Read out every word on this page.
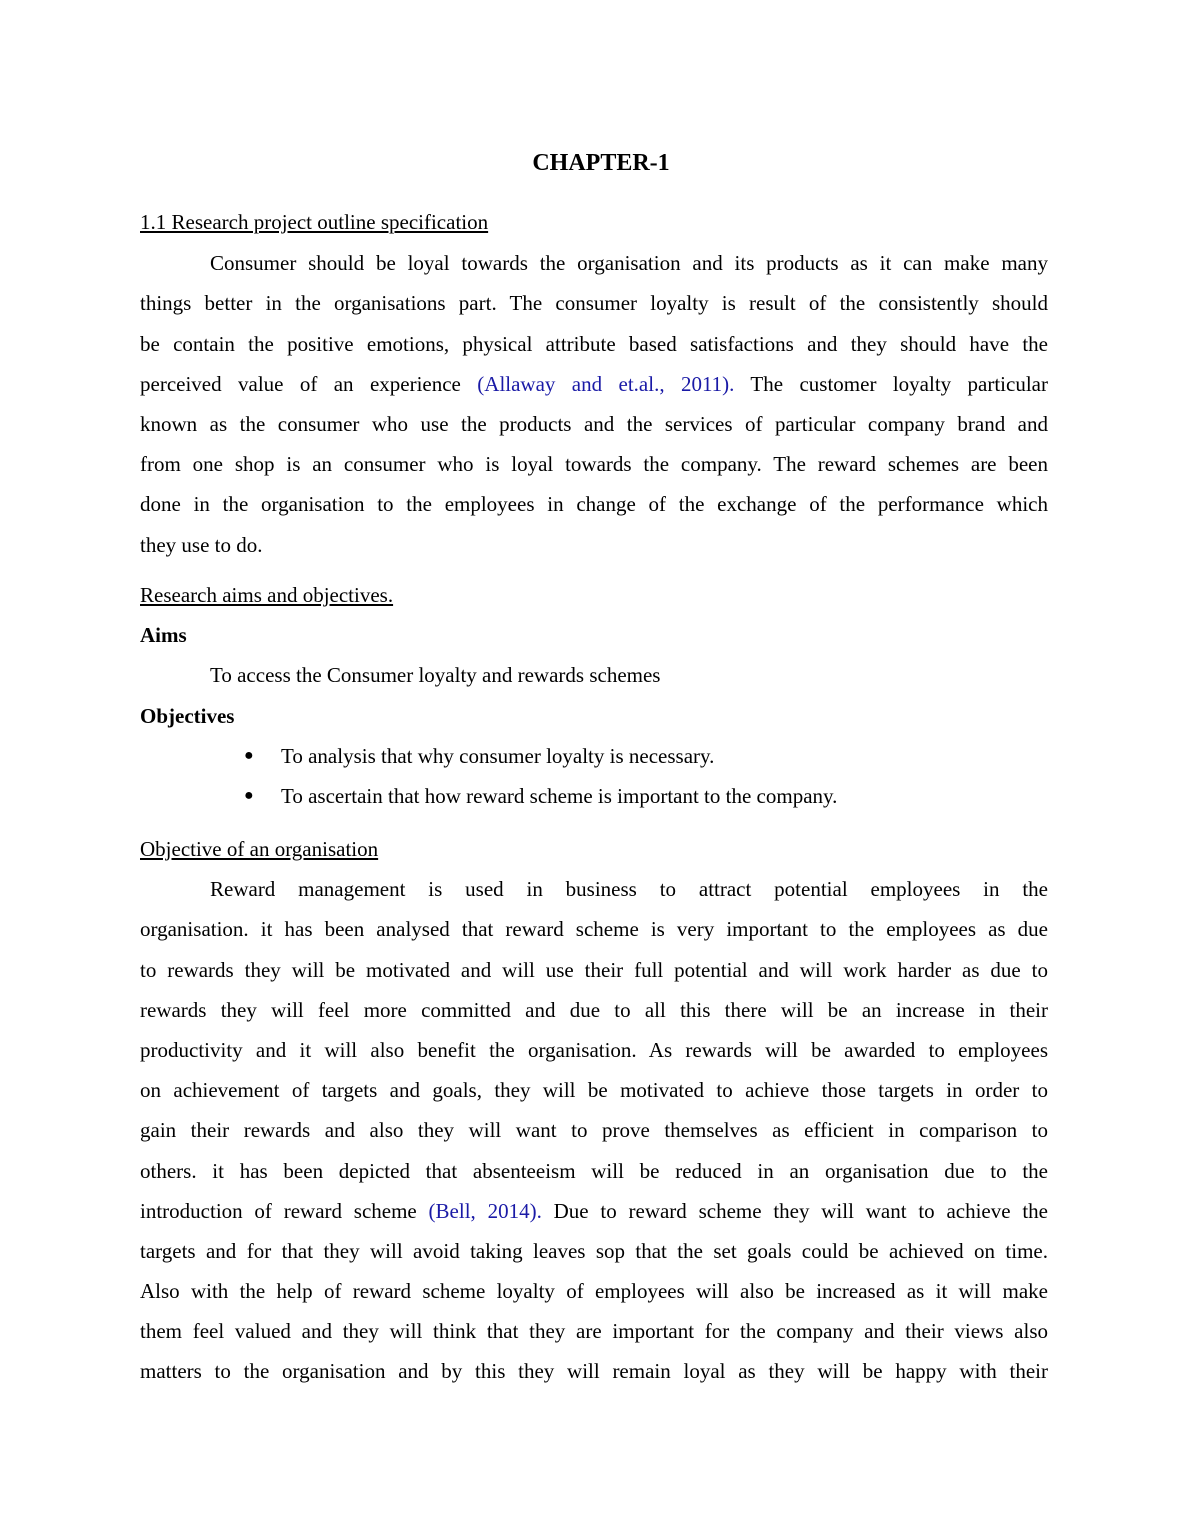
CHAPTER-1
1.1 Research project outline specification
Consumer should be loyal towards the organisation and its products as it can make many
things better in the organisations part. The consumer loyalty is result of the consistently should
be contain the positive emotions, physical attribute based satisfactions and they should have the
perceived value of an experience (Allaway and et.al., 2011). The customer loyalty particular
known as the consumer who use the products and the services of particular company brand and
from one shop is an consumer who is loyal towards the company. The reward schemes are been
done in the organisation to the employees in change of the exchange of the performance which
they use to do.
Research aims and objectives.
Aims
To access the Consumer loyalty and rewards schemes
Objectives
● To analysis that why consumer loyalty is necessary.
● To ascertain that how reward scheme is important to the company.
Objective of an organisation
Reward management is used in business to attract potential employees in the
organisation. it has been analysed that reward scheme is very important to the employees as due
to rewards they will be motivated and will use their full potential and will work harder as due to
rewards they will feel more committed and due to all this there will be an increase in their
productivity and it will also benefit the organisation. As rewards will be awarded to employees
on achievement of targets and goals, they will be motivated to achieve those targets in order to
gain their rewards and also they will want to prove themselves as efficient in comparison to
others. it has been depicted that absenteeism will be reduced in an organisation due to the
introduction of reward scheme (Bell, 2014). Due to reward scheme they will want to achieve the
targets and for that they will avoid taking leaves sop that the set goals could be achieved on time.
Also with the help of reward scheme loyalty of employees will also be increased as it will make
them feel valued and they will think that they are important for the company and their views also
matters to the organisation and by this they will remain loyal as they will be happy with their
